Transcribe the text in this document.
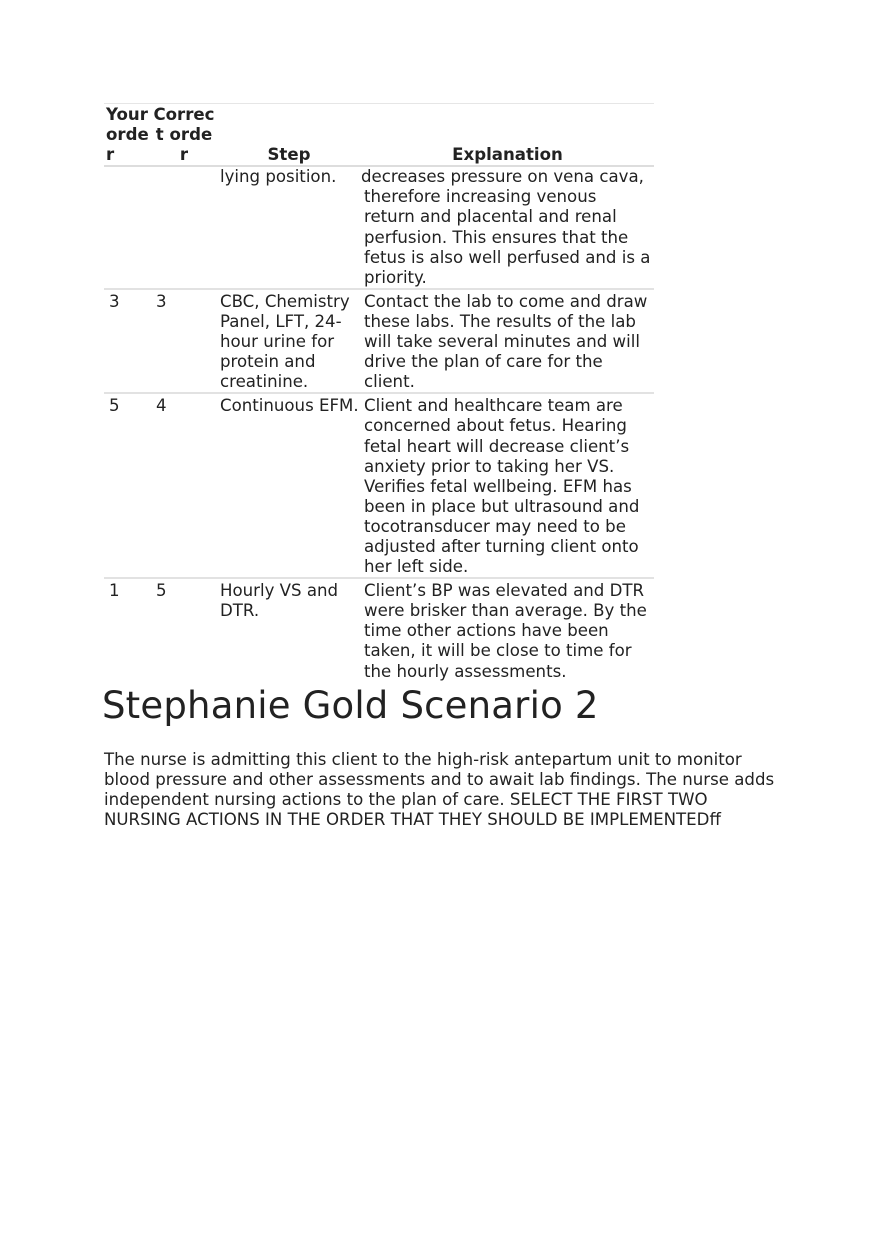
Your order	Correct order	Step	Explanation
		lying position.	decreases pressure on vena cava, therefore increasing venous return and placental and renal perfusion. This ensures that the fetus is also well perfused and is a priority.
3	3	CBC, Chemistry Panel, LFT, 24-hour urine for protein and creatinine.	Contact the lab to come and draw these labs. The results of the lab will take several minutes and will drive the plan of care for the client.
5	4	Continuous EFM.	Client and healthcare team are concerned about fetus. Hearing fetal heart will decrease client’s anxiety prior to taking her VS. Verifies fetal wellbeing. EFM has been in place but ultrasound and tocotransducer may need to be adjusted after turning client onto her left side.
1	5	Hourly VS and DTR.	Client’s BP was elevated and DTR were brisker than average. By the time other actions have been taken, it will be close to time for the hourly assessments.
Stephanie Gold Scenario 2

The nurse is admitting this client to the high-risk antepartum unit to monitor blood pressure and other assessments and to await lab findings. The nurse adds independent nursing actions to the plan of care. SELECT THE FIRST TWO NURSING ACTIONS IN THE ORDER THAT THEY SHOULD BE IMPLEMENTEDff
